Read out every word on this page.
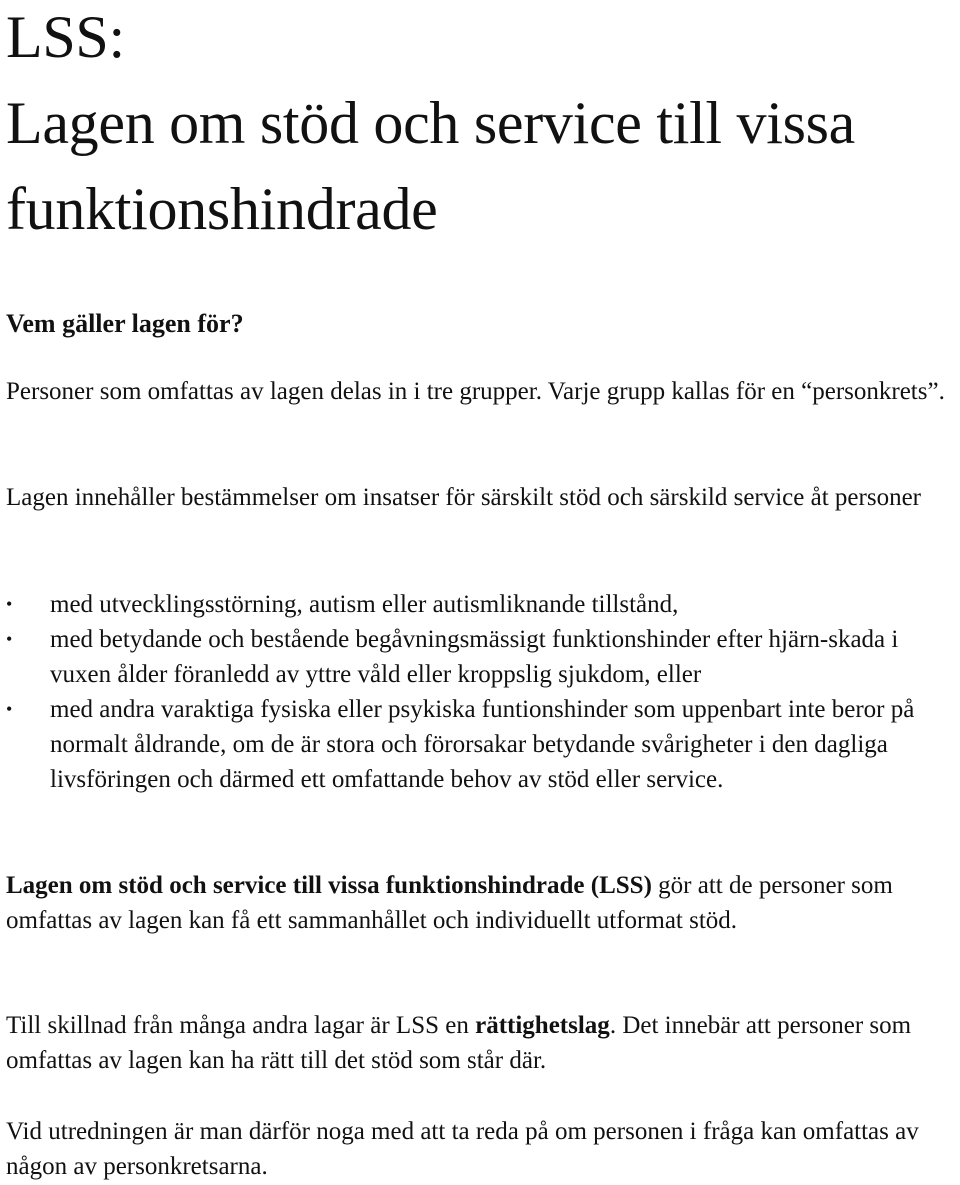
LSS:
Lagen om stöd och service till vissa
funktionshindrade
Vem gäller lagen för?

Personer som omfattas av lagen delas in i tre grupper. Varje grupp kallas för en “personkrets”.

Lagen innehåller bestämmelser om insatser för särskilt stöd och särskild service åt personer

• med utvecklingsstörning, autism eller autismliknande tillstånd,
• med betydande och bestående begåvningsmässigt funktionshinder efter hjärn-skada i vuxen ålder föranledd av yttre våld eller kroppslig sjukdom, eller
• med andra varaktiga fysiska eller psykiska funtionshinder som uppenbart inte beror på normalt åldrande, om de är stora och förorsakar betydande svårigheter i den dagliga livsföringen och därmed ett omfattande behov av stöd eller service.

Lagen om stöd och service till vissa funktionshindrade (LSS) gör att de personer som omfattas av lagen kan få ett sammanhållet och individuellt utformat stöd.

Till skillnad från många andra lagar är LSS en rättighetslag. Det innebär att personer som omfattas av lagen kan ha rätt till det stöd som står där.

Vid utredningen är man därför noga med att ta reda på om personen i fråga kan omfattas av någon av personkretsarna.
